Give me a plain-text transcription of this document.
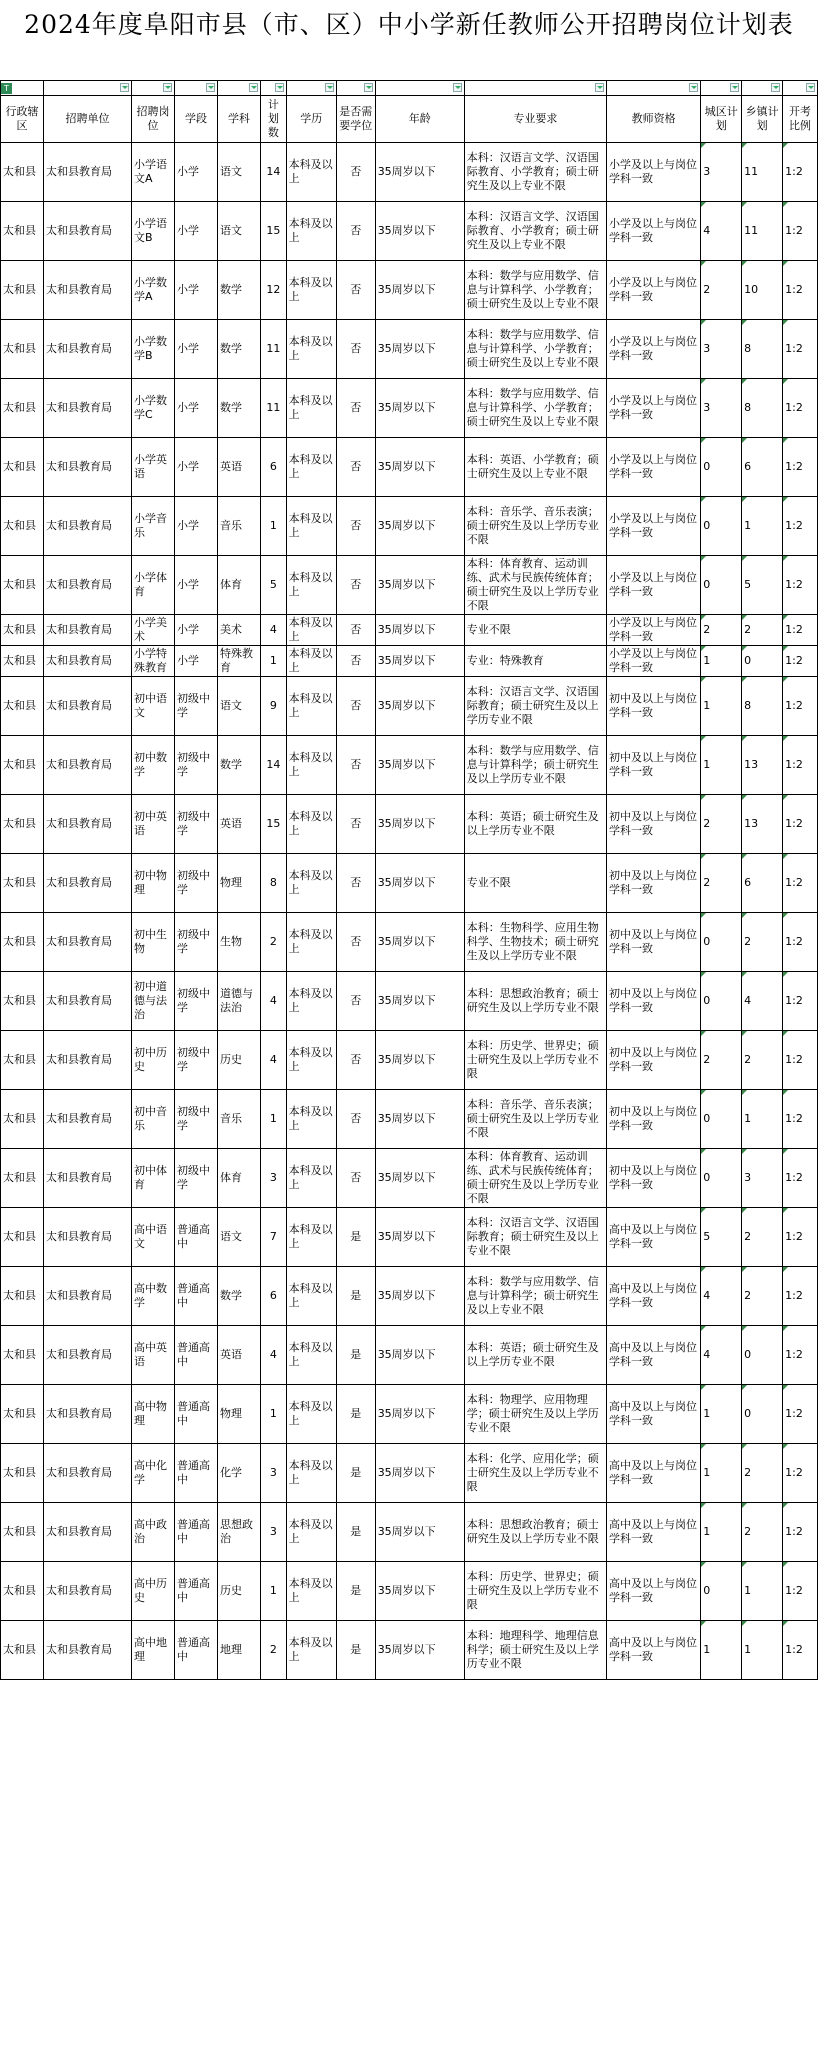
2024年度阜阳市县（市、区）中小学新任教师公开招聘岗位计划表
T	

行政辖区	招聘单位	招聘岗位	学段	学科	计划数	学历	是否需要学位	年龄	专业要求	教师资格	城区计划	乡镇计划	开考比例
太和县	太和县教育局	小学语文A	小学	语文	14	本科及以上	否	35周岁以下	本科：汉语言文学、汉语国际教育、小学教育；硕士研究生及以上专业不限	小学及以上与岗位学科一致	3	11	1:2
太和县	太和县教育局	小学语文B	小学	语文	15	本科及以上	否	35周岁以下	本科：汉语言文学、汉语国际教育、小学教育；硕士研究生及以上专业不限	小学及以上与岗位学科一致	4	11	1:2
太和县	太和县教育局	小学数学A	小学	数学	12	本科及以上	否	35周岁以下	本科：数学与应用数学、信息与计算科学、小学教育；硕士研究生及以上专业不限	小学及以上与岗位学科一致	2	10	1:2
太和县	太和县教育局	小学数学B	小学	数学	11	本科及以上	否	35周岁以下	本科：数学与应用数学、信息与计算科学、小学教育；硕士研究生及以上专业不限	小学及以上与岗位学科一致	3	8	1:2
太和县	太和县教育局	小学数学C	小学	数学	11	本科及以上	否	35周岁以下	本科：数学与应用数学、信息与计算科学、小学教育；硕士研究生及以上专业不限	小学及以上与岗位学科一致	3	8	1:2
太和县	太和县教育局	小学英语	小学	英语	6	本科及以上	否	35周岁以下	本科：英语、小学教育；硕士研究生及以上专业不限	小学及以上与岗位学科一致	0	6	1:2
太和县	太和县教育局	小学音乐	小学	音乐	1	本科及以上	否	35周岁以下	本科：音乐学、音乐表演；硕士研究生及以上学历专业不限	小学及以上与岗位学科一致	0	1	1:2
太和县	太和县教育局	小学体育	小学	体育	5	本科及以上	否	35周岁以下	本科：体育教育、运动训练、武术与民族传统体育；硕士研究生及以上学历专业不限	小学及以上与岗位学科一致	0	5	1:2
太和县	太和县教育局	小学美术	小学	美术	4	本科及以上	否	35周岁以下	专业不限	小学及以上与岗位学科一致	2	2	1:2
太和县	太和县教育局	小学特殊教育	小学	特殊教育	1	本科及以上	否	35周岁以下	专业：特殊教育	小学及以上与岗位学科一致	1	0	1:2
太和县	太和县教育局	初中语文	初级中学	语文	9	本科及以上	否	35周岁以下	本科：汉语言文学、汉语国际教育；硕士研究生及以上学历专业不限	初中及以上与岗位学科一致	1	8	1:2
太和县	太和县教育局	初中数学	初级中学	数学	14	本科及以上	否	35周岁以下	本科：数学与应用数学、信息与计算科学；硕士研究生及以上学历专业不限	初中及以上与岗位学科一致	1	13	1:2
太和县	太和县教育局	初中英语	初级中学	英语	15	本科及以上	否	35周岁以下	本科：英语；硕士研究生及以上学历专业不限	初中及以上与岗位学科一致	2	13	1:2
太和县	太和县教育局	初中物理	初级中学	物理	8	本科及以上	否	35周岁以下	专业不限	初中及以上与岗位学科一致	2	6	1:2
太和县	太和县教育局	初中生物	初级中学	生物	2	本科及以上	否	35周岁以下	本科：生物科学、应用生物科学、生物技术；硕士研究生及以上学历专业不限	初中及以上与岗位学科一致	0	2	1:2
太和县	太和县教育局	初中道德与法治	初级中学	道德与法治	4	本科及以上	否	35周岁以下	本科：思想政治教育；硕士研究生及以上学历专业不限	初中及以上与岗位学科一致	0	4	1:2
太和县	太和县教育局	初中历史	初级中学	历史	4	本科及以上	否	35周岁以下	本科：历史学、世界史；硕士研究生及以上学历专业不限	初中及以上与岗位学科一致	2	2	1:2
太和县	太和县教育局	初中音乐	初级中学	音乐	1	本科及以上	否	35周岁以下	本科：音乐学、音乐表演；硕士研究生及以上学历专业不限	初中及以上与岗位学科一致	0	1	1:2
太和县	太和县教育局	初中体育	初级中学	体育	3	本科及以上	否	35周岁以下	本科：体育教育、运动训练、武术与民族传统体育；硕士研究生及以上学历专业不限	初中及以上与岗位学科一致	0	3	1:2
太和县	太和县教育局	高中语文	普通高中	语文	7	本科及以上	是	35周岁以下	本科：汉语言文学、汉语国际教育；硕士研究生及以上专业不限	高中及以上与岗位学科一致	5	2	1:2
太和县	太和县教育局	高中数学	普通高中	数学	6	本科及以上	是	35周岁以下	本科：数学与应用数学、信息与计算科学；硕士研究生及以上专业不限	高中及以上与岗位学科一致	4	2	1:2
太和县	太和县教育局	高中英语	普通高中	英语	4	本科及以上	是	35周岁以下	本科：英语；硕士研究生及以上学历专业不限	高中及以上与岗位学科一致	4	0	1:2
太和县	太和县教育局	高中物理	普通高中	物理	1	本科及以上	是	35周岁以下	本科：物理学、应用物理学；硕士研究生及以上学历专业不限	高中及以上与岗位学科一致	1	0	1:2
太和县	太和县教育局	高中化学	普通高中	化学	3	本科及以上	是	35周岁以下	本科：化学、应用化学；硕士研究生及以上学历专业不限	高中及以上与岗位学科一致	1	2	1:2
太和县	太和县教育局	高中政治	普通高中	思想政治	3	本科及以上	是	35周岁以下	本科：思想政治教育；硕士研究生及以上学历专业不限	高中及以上与岗位学科一致	1	2	1:2
太和县	太和县教育局	高中历史	普通高中	历史	1	本科及以上	是	35周岁以下	本科：历史学、世界史；硕士研究生及以上学历专业不限	高中及以上与岗位学科一致	0	1	1:2
太和县	太和县教育局	高中地理	普通高中	地理	2	本科及以上	是	35周岁以下	本科：地理科学、地理信息科学；硕士研究生及以上学历专业不限	高中及以上与岗位学科一致	1	1	1:2
